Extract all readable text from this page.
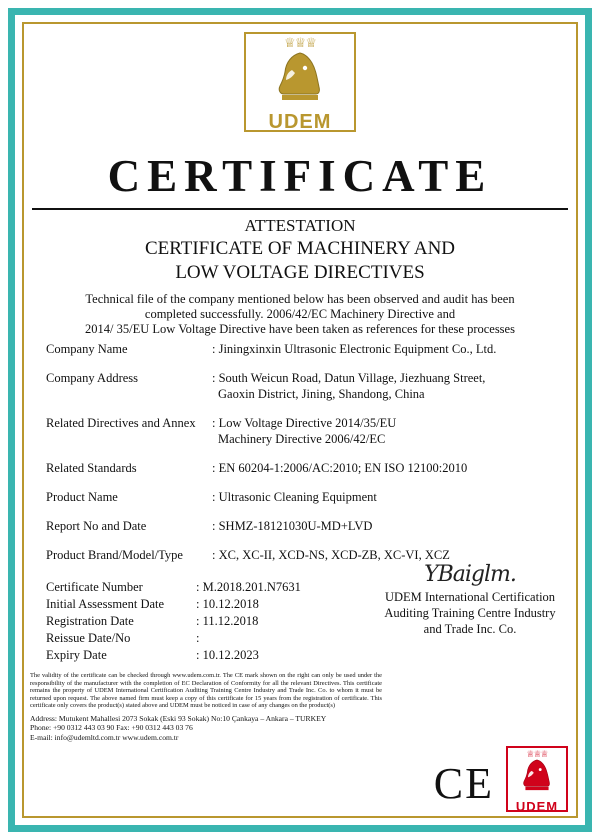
♕♕♕
UDEM
CERTIFICATE
ATTESTATION
CERTIFICATE OF MACHINERY AND
LOW VOLTAGE DIRECTIVES
Technical file of the company mentioned below has been observed and audit has been
completed successfully. 2006/42/EC Machinery Directive and
2014/ 35/EU Low Voltage Directive have been taken as references for these processes
Company Name	: Jiningxinxin Ultrasonic Electronic Equipment Co., Ltd.
Company Address	: South Weicun Road, Datun Village, Jiezhuang Street,
Gaoxin District, Jining, Shandong, China
Related Directives and Annex	: Low Voltage Directive 2014/35/EU
Machinery Directive 2006/42/EC
Related Standards	: EN 60204-1:2006/AC:2010; EN ISO 12100:2010
Product Name	: Ultrasonic Cleaning Equipment
Report No and Date	: SHMZ-18121030U-MD+LVD
Product Brand/Model/Type	: XC, XC-II, XCD-NS, XCD-ZB, XC-VI, XCZ
Certificate Number	: M.2018.201.N7631
Initial Assessment Date	: 10.12.2018
Registration Date	: 11.12.2018
Reissue Date/No	:
Expiry Date	: 10.12.2023
YBaiglm.
UDEM International Certification
Auditing Training Centre Industry
and Trade Inc. Co.
The validity of the certificate can be checked through www.udem.com.tr. The CE mark shown on the right can only be used under the responsibility of the manufacturer with the completion of EC Declaration of Conformity for all the relevant Directives. This certificate remains the property of UDEM International Certification Auditing Training Centre Industry and Trade Inc. Co. to whom it must be returned upon request. The above named firm must keep a copy of this certificate for 15 years from the registration of certificate. This certificate only covers the product(s) stated above and UDEM must be noticed in case of any changes on the product(s)
Address: Mutukent Mahallesi 2073 Sokak (Eski 93 Sokak) No:10 Çankaya – Ankara – TURKEY
Phone: +90 0312 443 03 90 Fax: +90 0312 443 03 76
E-mail: info@udemltd.com.tr www.udem.com.tr
CE
♕♕♕
UDEM
